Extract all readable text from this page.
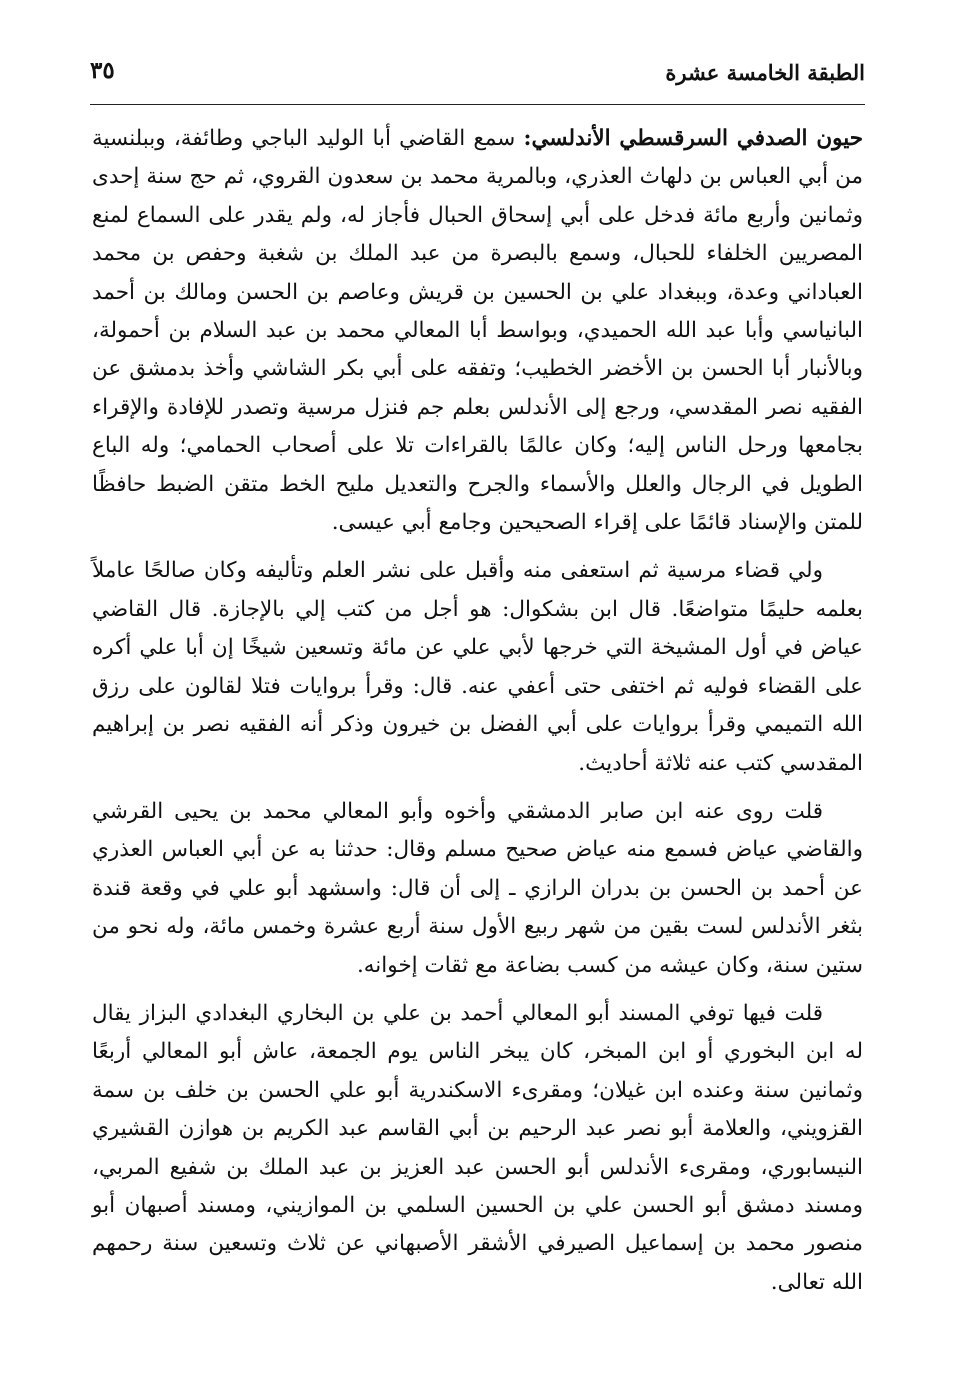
الطبقة الخامسة عشرة
٣٥

حيون الصدفي السرقسطي الأندلسي: سمع القاضي أبا الوليد الباجي وطائفة، وببلنسية من أبي العباس بن دلهاث العذري، وبالمرية محمد بن سعدون القروي، ثم حج سنة إحدى وثمانين وأربع مائة فدخل على أبي إسحاق الحبال فأجاز له، ولم يقدر على السماع لمنع المصريين الخلفاء للحبال، وسمع بالبصرة من عبد الملك بن شغبة وحفص بن محمد العباداني وعدة، وببغداد علي بن الحسين بن قريش وعاصم بن الحسن ومالك بن أحمد البانياسي وأبا عبد الله الحميدي، وبواسط أبا المعالي محمد بن عبد السلام بن أحمولة، وبالأنبار أبا الحسن بن الأخضر الخطيب؛ وتفقه على أبي بكر الشاشي وأخذ بدمشق عن الفقيه نصر المقدسي، ورجع إلى الأندلس بعلم جم فنزل مرسية وتصدر للإفادة والإقراء بجامعها ورحل الناس إليه؛ وكان عالمًا بالقراءات تلا على أصحاب الحمامي؛ وله الباع الطويل في الرجال والعلل والأسماء والجرح والتعديل مليح الخط متقن الضبط حافظًا للمتن والإسناد قائمًا على إقراء الصحيحين وجامع أبي عيسى.

ولي قضاء مرسية ثم استعفى منه وأقبل على نشر العلم وتأليفه وكان صالحًا عاملاً بعلمه حليمًا متواضعًا. قال ابن بشكوال: هو أجل من كتب إلي بالإجازة. قال القاضي عياض في أول المشيخة التي خرجها لأبي علي عن مائة وتسعين شيخًا إن أبا علي أكره على القضاء فوليه ثم اختفى حتى أعفي عنه. قال: وقرأ بروايات فتلا لقالون على رزق الله التميمي وقرأ بروايات على أبي الفضل بن خيرون وذكر أنه الفقيه نصر بن إبراهيم المقدسي كتب عنه ثلاثة أحاديث.

قلت روى عنه ابن صابر الدمشقي وأخوه وأبو المعالي محمد بن يحيى القرشي والقاضي عياض فسمع منه عياض صحيح مسلم وقال: حدثنا به عن أبي العباس العذري عن أحمد بن الحسن بن بدران الرازي ـ إلى أن قال: واسشهد أبو علي في وقعة قندة بثغر الأندلس لست بقين من شهر ربيع الأول سنة أربع عشرة وخمس مائة، وله نحو من ستين سنة، وكان عيشه من كسب بضاعة مع ثقات إخوانه.

قلت فيها توفي المسند أبو المعالي أحمد بن علي بن البخاري البغدادي البزاز يقال له ابن البخوري أو ابن المبخر، كان يبخر الناس يوم الجمعة، عاش أبو المعالي أربعًا وثمانين سنة وعنده ابن غيلان؛ ومقرىء الاسكندرية أبو علي الحسن بن خلف بن سمة القزويني، والعلامة أبو نصر عبد الرحيم بن أبي القاسم عبد الكريم بن هوازن القشيري النيسابوري، ومقرىء الأندلس أبو الحسن عبد العزيز بن عبد الملك بن شفيع المربي، ومسند دمشق أبو الحسن علي بن الحسين السلمي بن الموازيني، ومسند أصبهان أبو منصور محمد بن إسماعيل الصيرفي الأشقر الأصبهاني عن ثلاث وتسعين سنة رحمهم الله تعالى.
